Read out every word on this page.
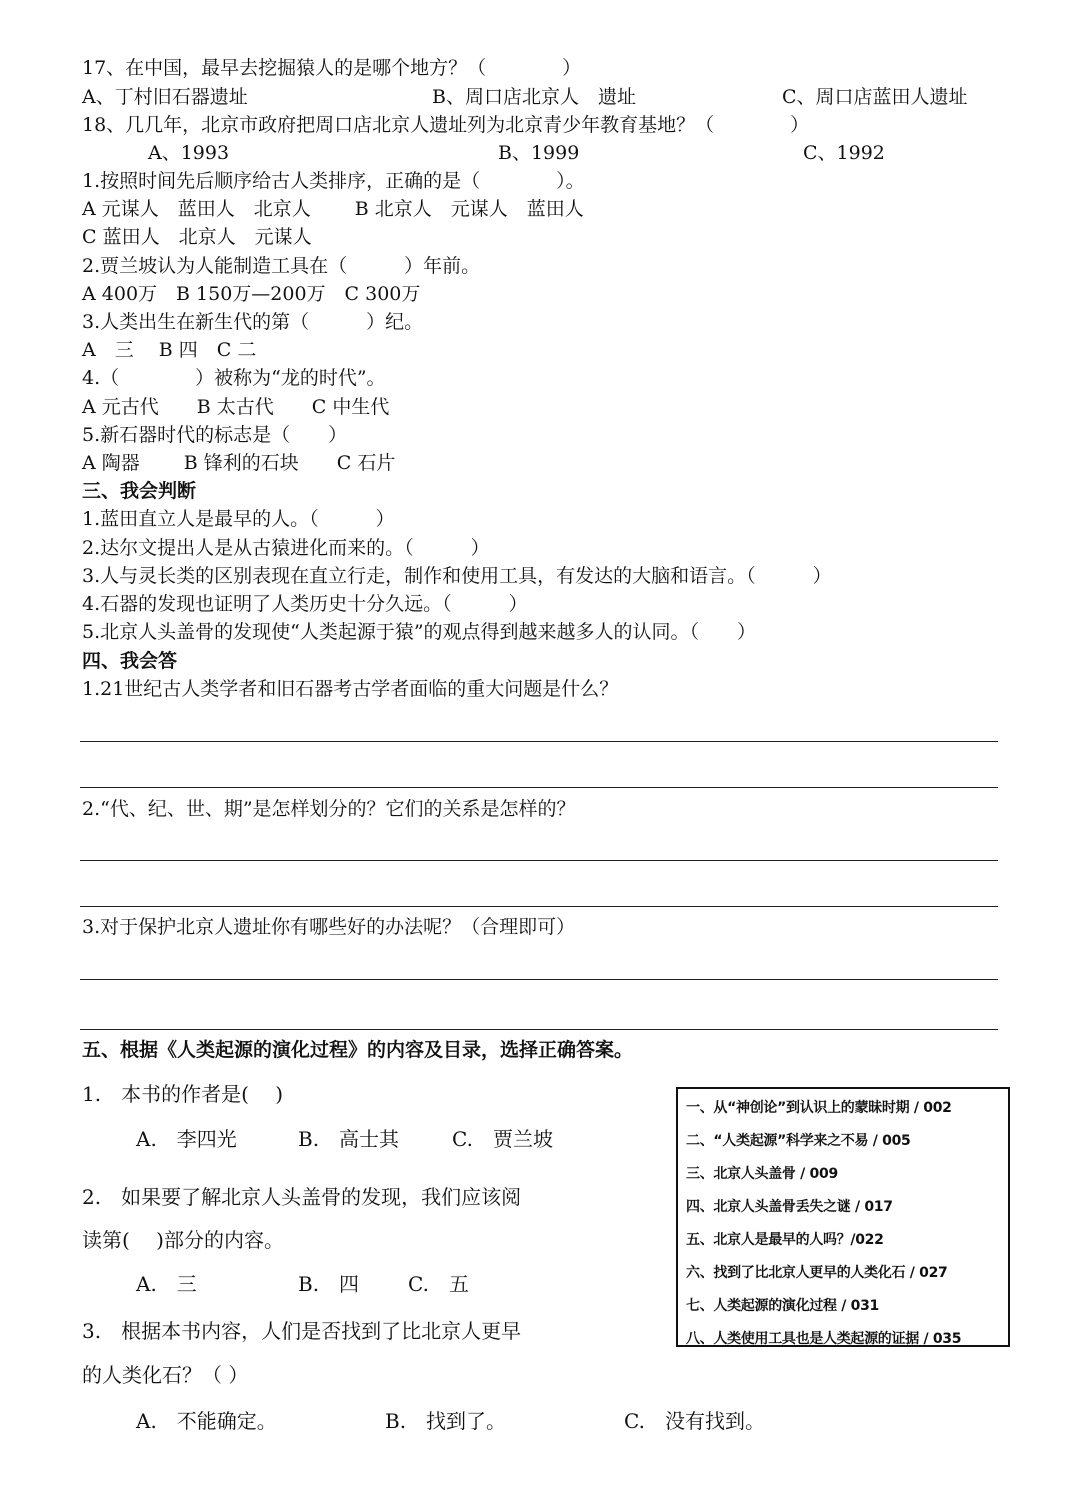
17、在中国，最早去挖掘猿人的是哪个地方？（　　　　）
A、丁村旧石器遗址	B、周口店北京人　遗址	C、周口店蓝田人遗址
18、几几年，北京市政府把周口店北京人遗址列为北京青少年教育基地？（　　　　）
A、1993	B、1999	C、1992
1.按照时间先后顺序给古人类排序，正确的是（　　　　）。
A 元谋人　蓝田人　北京人　　 B 北京人　元谋人　蓝田人
C 蓝田人　北京人　元谋人
2.贾兰坡认为人能制造工具在（　　　）年前。
A 400万　B 150万—200万　C 300万
3.人类出生在新生代的第（　　　）纪。
A　三　 B 四　C 二
4.（　　　　）被称为“龙的时代”。
A 元古代　　B 太古代　　C 中生代
5.新石器时代的标志是（　　）
A 陶器　　 B 锋利的石块　　C 石片
三、我会判断
1.蓝田直立人是最早的人。（　　　）
2.达尔文提出人是从古猿进化而来的。（　　　）
3.人与灵长类的区别表现在直立行走，制作和使用工具，有发达的大脑和语言。（　　　）
4.石器的发现也证明了人类历史十分久远。（　　　）
5.北京人头盖骨的发现使“人类起源于猿”的观点得到越来越多人的认同。（　　）
四、我会答
1.21世纪古人类学者和旧石器考古学者面临的重大问题是什么？
2.“代、纪、世、期”是怎样划分的？它们的关系是怎样的？
3.对于保护北京人遗址你有哪些好的办法呢？（合理即可）
五、根据《人类起源的演化过程》的内容及目录，选择正确答案。
1.　本书的作者是(　 )
A.　李四光	B.　高士其	C.　贾兰坡
2.　如果要了解北京人头盖骨的发现，我们应该阅
读第(　 )部分的内容。
A.　三	B.　四 C.　五
3.　根据本书内容，人们是否找到了比北京人更早
的人类化石？（ ）
A.　不能确定。	B.　找到了。	C.　没有找到。
一、从“神创论”到认识上的蒙昧时期 / 002
二、“人类起源”科学来之不易 / 005
三、北京人头盖骨 / 009
四、北京人头盖骨丢失之谜 / 017
五、北京人是最早的人吗？/022
六、找到了比北京人更早的人类化石 / 027
七、人类起源的演化过程 / 031
八、人类使用工具也是人类起源的证据 / 035
